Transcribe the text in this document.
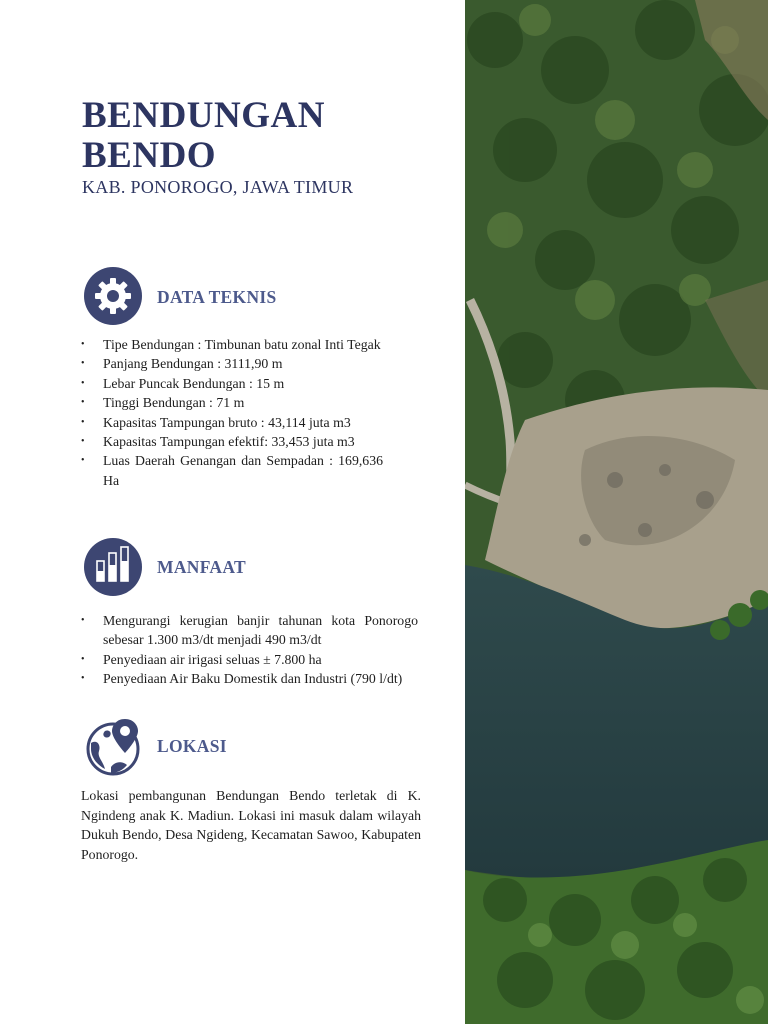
BENDUNGAN
BENDO
KAB. PONOROGO, JAWA TIMUR
DATA TEKNIS
• Tipe Bendungan : Timbunan batu zonal Inti Tegak
• Panjang Bendungan : 3111,90 m
• Lebar Puncak Bendungan : 15 m
• Tinggi Bendungan : 71 m
• Kapasitas Tampungan bruto : 43,114 juta m3
• Kapasitas Tampungan efektif: 33,453 juta m3
• Luas Daerah Genangan dan Sempadan : 169,636 Ha
MANFAAT
• Mengurangi kerugian banjir tahunan kota Ponorogo sebesar 1.300 m3/dt menjadi 490 m3/dt
• Penyediaan air irigasi seluas ± 7.800 ha
• Penyediaan Air Baku Domestik dan Industri (790 l/dt)
LOKASI

Lokasi pembangunan Bendungan Bendo terletak di K. Ngindeng anak K. Madiun. Lokasi ini masuk dalam wilayah Dukuh Bendo, Desa Ngideng, Kecamatan Sawoo, Kabupaten Ponorogo.
